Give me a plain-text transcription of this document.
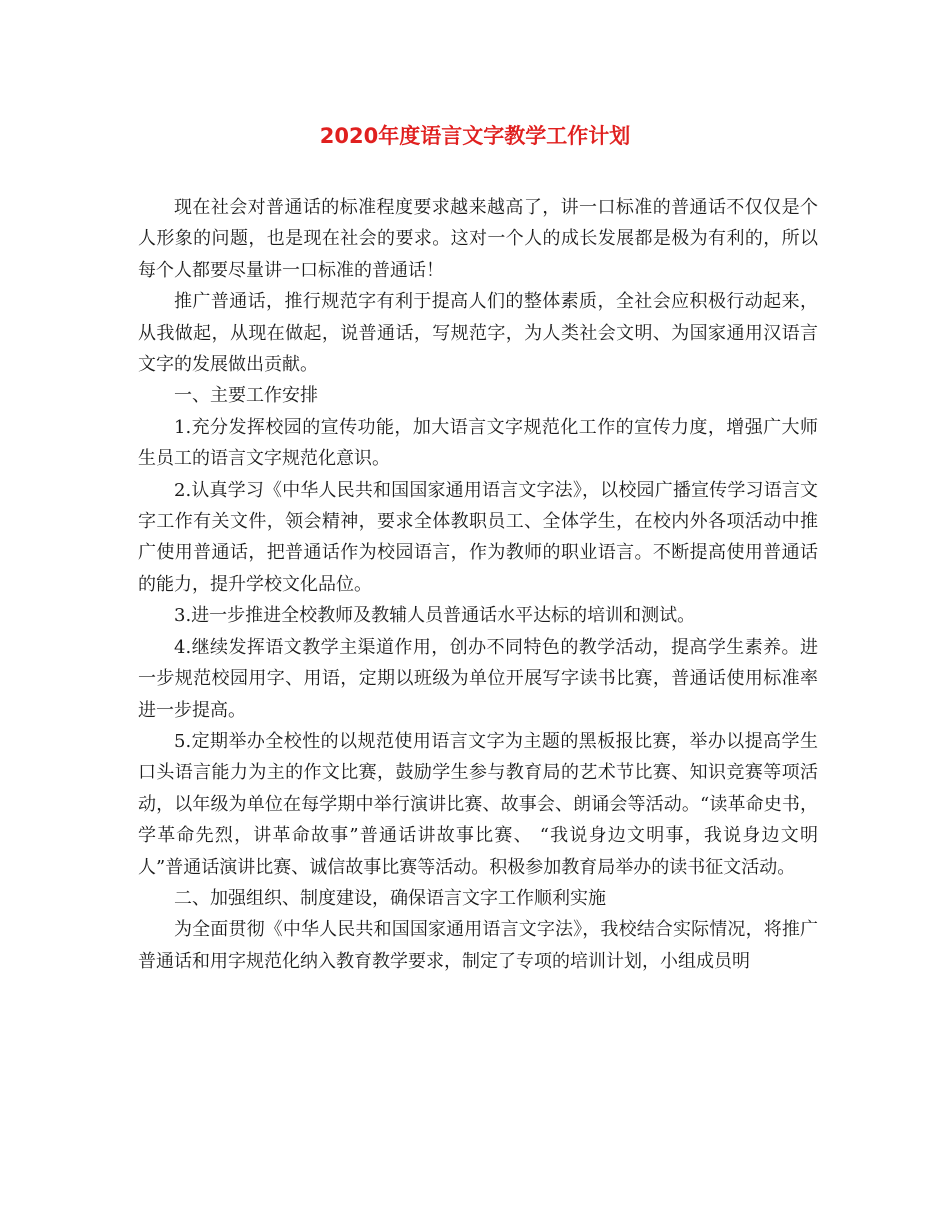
2020年度语言文字教学工作计划

现在社会对普通话的标准程度要求越来越高了，讲一口标准的普通话不仅仅是个人形象的问题，也是现在社会的要求。这对一个人的成长发展都是极为有利的，所以每个人都要尽量讲一口标准的普通话！

推广普通话，推行规范字有利于提高人们的整体素质，全社会应积极行动起来，从我做起，从现在做起，说普通话，写规范字，为人类社会文明、为国家通用汉语言文字的发展做出贡献。

一、主要工作安排

1.充分发挥校园的宣传功能，加大语言文字规范化工作的宣传力度，增强广大师生员工的语言文字规范化意识。

2.认真学习《中华人民共和国国家通用语言文字法》，以校园广播宣传学习语言文字工作有关文件，领会精神，要求全体教职员工、全体学生，在校内外各项活动中推广使用普通话，把普通话作为校园语言，作为教师的职业语言。不断提高使用普通话的能力，提升学校文化品位。

3.进一步推进全校教师及教辅人员普通话水平达标的培训和测试。

4.继续发挥语文教学主渠道作用，创办不同特色的教学活动，提高学生素养。进一步规范校园用字、用语，定期以班级为单位开展写字读书比赛，普通话使用标准率进一步提高。

5.定期举办全校性的以规范使用语言文字为主题的黑板报比赛，举办以提高学生口头语言能力为主的作文比赛，鼓励学生参与教育局的艺术节比赛、知识竞赛等项活动，以年级为单位在每学期中举行演讲比赛、故事会、朗诵会等活动。“读革命史书，学革命先烈，讲革命故事”普通话讲故事比赛、 “我说身边文明事，我说身边文明人”普通话演讲比赛、诚信故事比赛等活动。积极参加教育局举办的读书征文活动。

二、加强组织、制度建设，确保语言文字工作顺利实施

为全面贯彻《中华人民共和国国家通用语言文字法》，我校结合实际情况，将推广普通话和用字规范化纳入教育教学要求，制定了专项的培训计划，小组成员明
